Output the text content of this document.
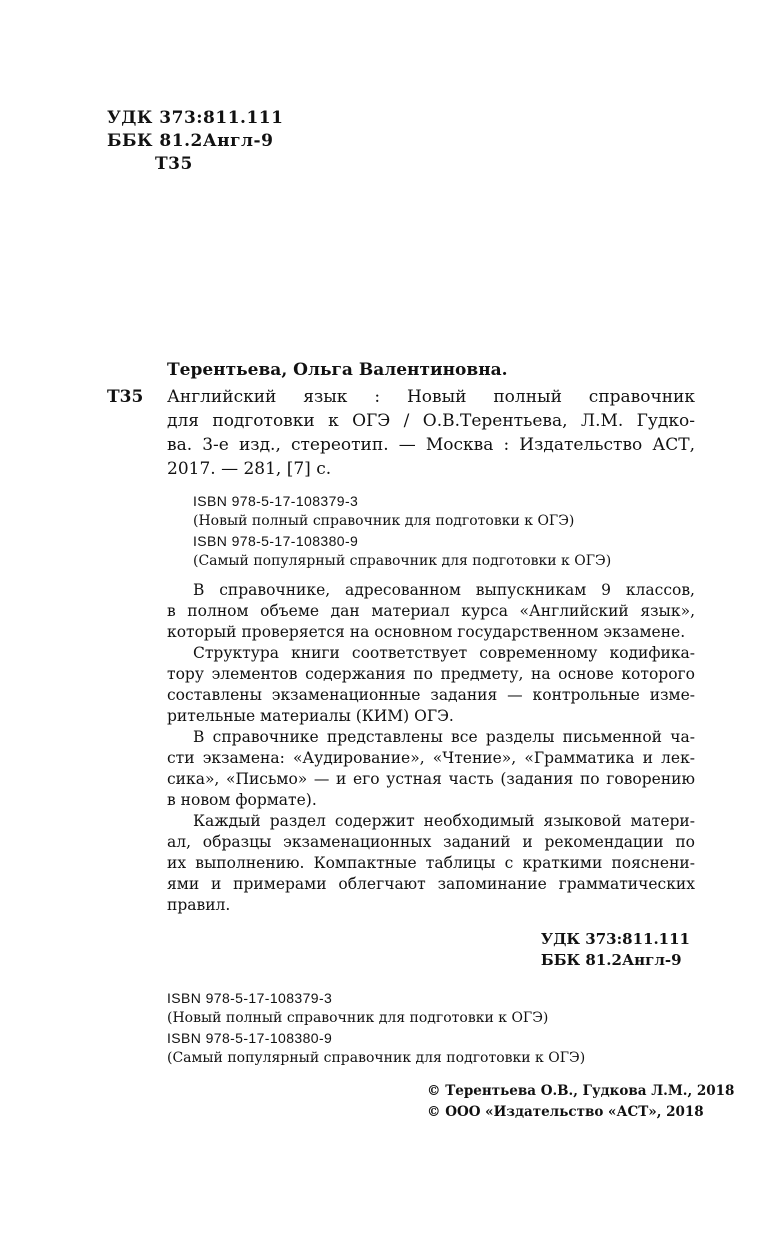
УДК 373:811.111
ББК 81.2Англ-9
Т35
Терентьева, Ольга Валентиновна.
Т35 Английский язык : Новый полный справочник
для подготовки к ОГЭ / О.В.Терентьева, Л.М. Гудко-
ва. 3-е изд., стереотип. — Москва : Издательство АСТ,
2017. — 281, [7] с.
ISBN 978-5-17-108379-3
(Новый полный справочник для подготовки к ОГЭ)
ISBN 978-5-17-108380-9
(Самый популярный справочник для подготовки к ОГЭ)
В справочнике, адресованном выпускникам 9 классов,
в полном объеме дан материал курса «Английский язык»,
который проверяется на основном государственном экзамене.
Структура книги соответствует современному кодифика-
тору элементов содержания по предмету, на основе которого
составлены экзаменационные задания — контрольные изме-
рительные материалы (КИМ) ОГЭ.
В справочнике представлены все разделы письменной ча-
сти экзамена: «Аудирование», «Чтение», «Грамматика и лек-
сика», «Письмо» — и его устная часть (задания по говорению
в новом формате).
Каждый раздел содержит необходимый языковой матери-
ал, образцы экзаменационных заданий и рекомендации по
их выполнению. Компактные таблицы с краткими пояснени-
ями и примерами облегчают запоминание грамматических
правил.
УДК 373:811.111
ББК 81.2Англ-9
ISBN 978-5-17-108379-3
(Новый полный справочник для подготовки к ОГЭ)
ISBN 978-5-17-108380-9
(Самый популярный справочник для подготовки к ОГЭ)
© Терентьева О.В., Гудкова Л.М., 2018
© ООО «Издательство «АСТ», 2018
